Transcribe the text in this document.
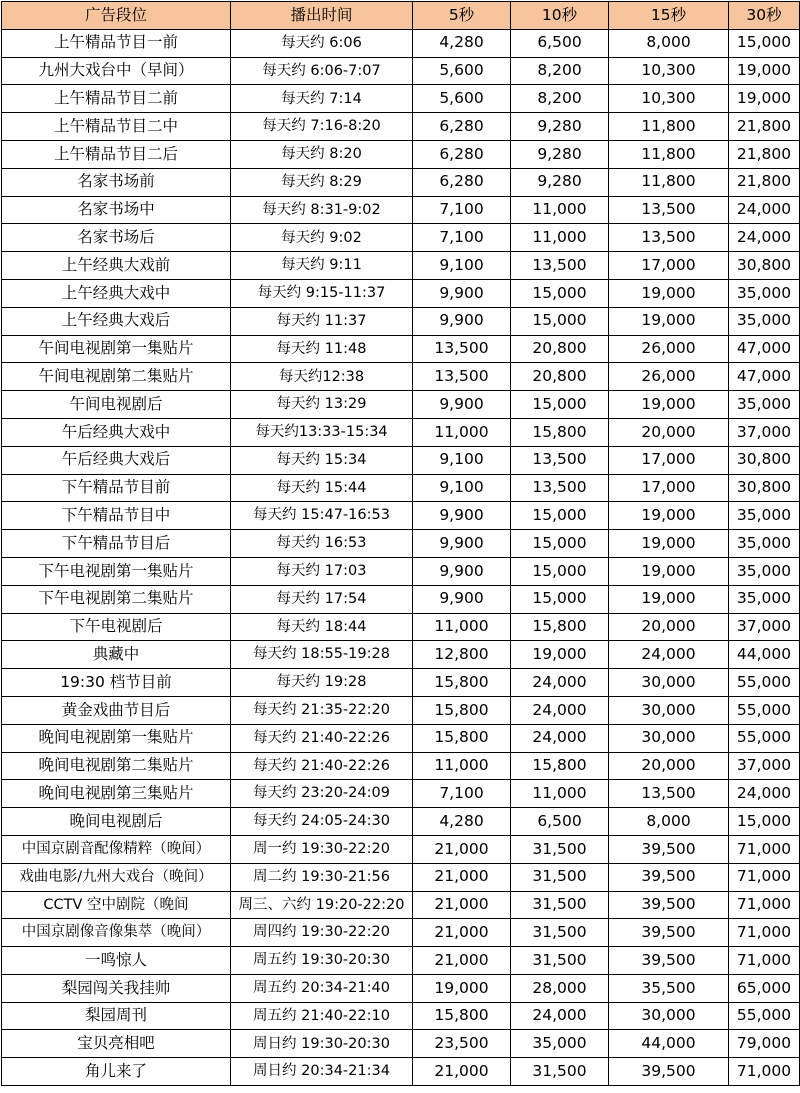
广告段位	播出时间	5秒	10秒	15秒	30秒
上午精品节目一前	每天约 6:06	4,280	6,500	8,000	15,000
九州大戏台中（早间）	每天约 6:06-7:07	5,600	8,200	10,300	19,000
上午精品节目二前	每天约 7:14	5,600	8,200	10,300	19,000
上午精品节目二中	每天约 7:16-8:20	6,280	9,280	11,800	21,800
上午精品节目二后	每天约 8:20	6,280	9,280	11,800	21,800
名家书场前	每天约 8:29	6,280	9,280	11,800	21,800
名家书场中	每天约 8:31-9:02	7,100	11,000	13,500	24,000
名家书场后	每天约 9:02	7,100	11,000	13,500	24,000
上午经典大戏前	每天约 9:11	9,100	13,500	17,000	30,800
上午经典大戏中	每天约 9:15-11:37	9,900	15,000	19,000	35,000
上午经典大戏后	每天约 11:37	9,900	15,000	19,000	35,000
午间电视剧第一集贴片	每天约 11:48	13,500	20,800	26,000	47,000
午间电视剧第二集贴片	每天约12:38	13,500	20,800	26,000	47,000
午间电视剧后	每天约 13:29	9,900	15,000	19,000	35,000
午后经典大戏中	每天约13:33-15:34	11,000	15,800	20,000	37,000
午后经典大戏后	每天约 15:34	9,100	13,500	17,000	30,800
下午精品节目前	每天约 15:44	9,100	13,500	17,000	30,800
下午精品节目中	每天约 15:47-16:53	9,900	15,000	19,000	35,000
下午精品节目后	每天约 16:53	9,900	15,000	19,000	35,000
下午电视剧第一集贴片	每天约 17:03	9,900	15,000	19,000	35,000
下午电视剧第二集贴片	每天约 17:54	9,900	15,000	19,000	35,000
下午电视剧后	每天约 18:44	11,000	15,800	20,000	37,000
典藏中	每天约 18:55-19:28	12,800	19,000	24,000	44,000
19:30 档节目前	每天约 19:28	15,800	24,000	30,000	55,000
黄金戏曲节目后	每天约 21:35-22:20	15,800	24,000	30,000	55,000
晚间电视剧第一集贴片	每天约 21:40-22:26	15,800	24,000	30,000	55,000
晚间电视剧第二集贴片	每天约 21:40-22:26	11,000	15,800	20,000	37,000
晚间电视剧第三集贴片	每天约 23:20-24:09	7,100	11,000	13,500	24,000
晚间电视剧后	每天约 24:05-24:30	4,280	6,500	8,000	15,000
中国京剧音配像精粹（晚间）	周一约 19:30-22:20	21,000	31,500	39,500	71,000
戏曲电影/九州大戏台（晚间）	周二约 19:30-21:56	21,000	31,500	39,500	71,000
CCTV 空中剧院（晚间	周三、六约 19:20-22:20	21,000	31,500	39,500	71,000
中国京剧像音像集萃（晚间）	周四约 19:30-22:20	21,000	31,500	39,500	71,000
一鸣惊人	周五约 19:30-20:30	21,000	31,500	39,500	71,000
梨园闯关我挂帅	周五约 20:34-21:40	19,000	28,000	35,500	65,000
梨园周刊	周五约 21:40-22:10	15,800	24,000	30,000	55,000
宝贝亮相吧	周日约 19:30-20:30	23,500	35,000	44,000	79,000
角儿来了	周日约 20:34-21:34	21,000	31,500	39,500	71,000
